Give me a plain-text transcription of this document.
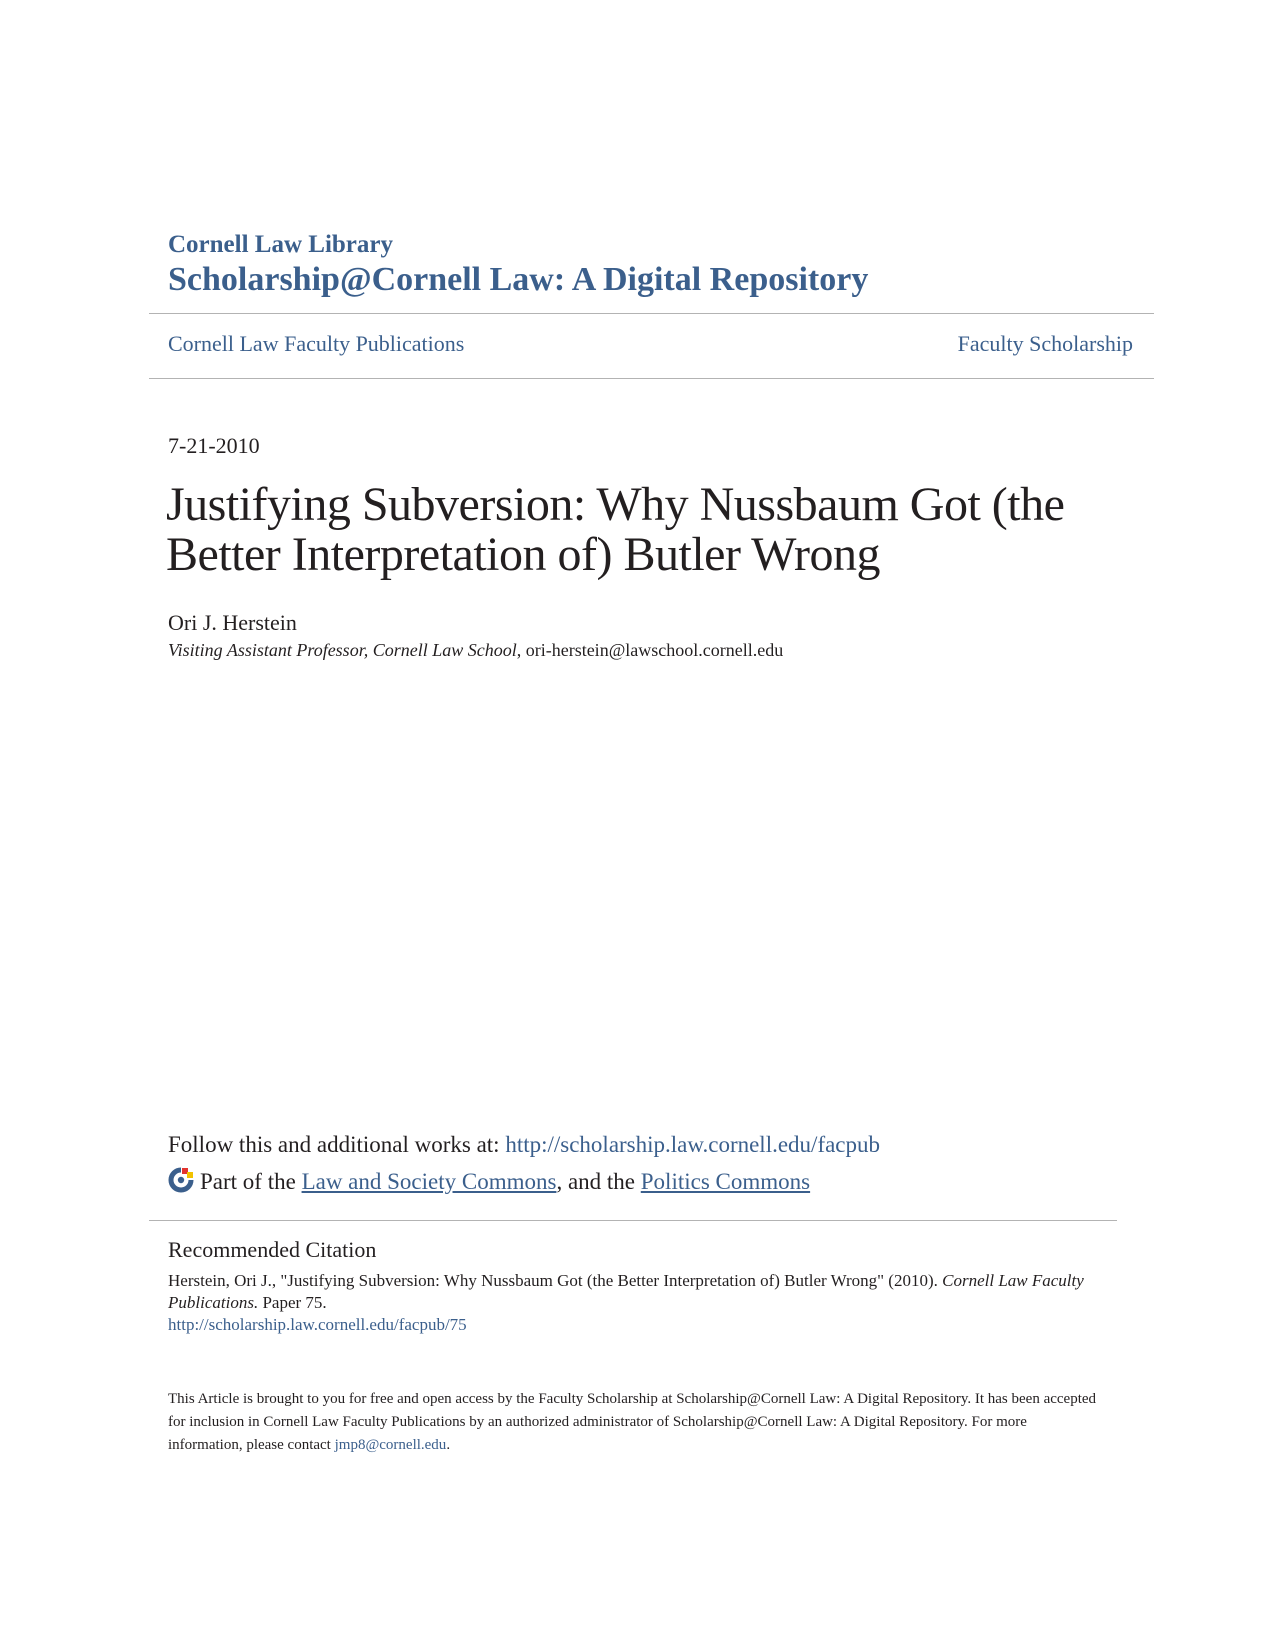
Cornell Law Library

Scholarship@Cornell Law: A Digital Repository

Cornell Law Faculty Publications	Faculty Scholarship
7-21-2010
Justifying Subversion: Why Nussbaum Got (the Better Interpretation of) Butler Wrong
Ori J. Herstein
Visiting Assistant Professor, Cornell Law School, ori-herstein@lawschool.cornell.edu
Follow this and additional works at: http://scholarship.law.cornell.edu/facpub
Part of the Law and Society Commons, and the Politics Commons
Recommended Citation
Herstein, Ori J., "Justifying Subversion: Why Nussbaum Got (the Better Interpretation of) Butler Wrong" (2010). Cornell Law Faculty Publications. Paper 75.
http://scholarship.law.cornell.edu/facpub/75
This Article is brought to you for free and open access by the Faculty Scholarship at Scholarship@Cornell Law: A Digital Repository. It has been accepted for inclusion in Cornell Law Faculty Publications by an authorized administrator of Scholarship@Cornell Law: A Digital Repository. For more information, please contact jmp8@cornell.edu.
